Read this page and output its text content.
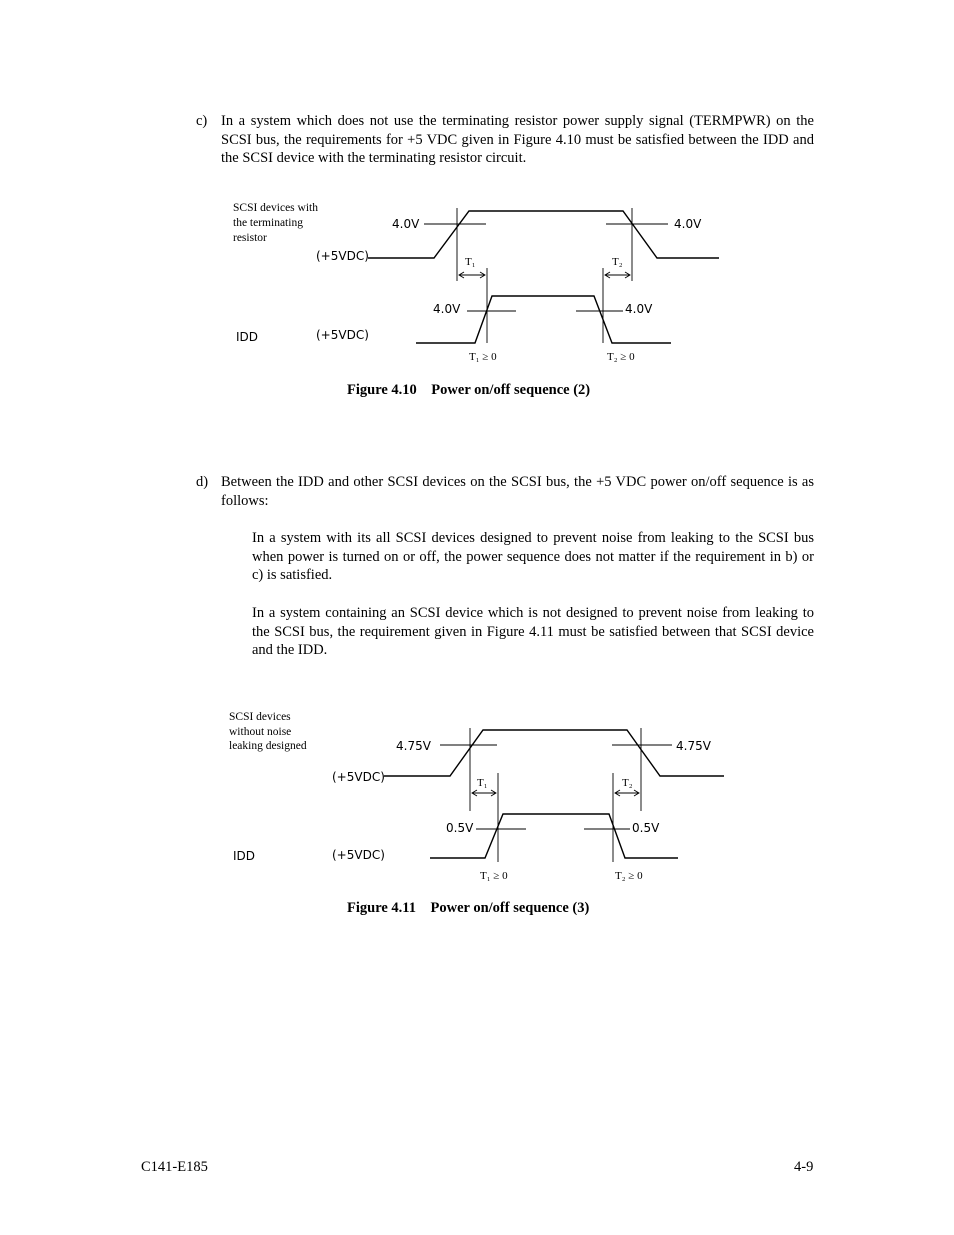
c) In a system which does not use the terminating resistor power supply signal (TERMPWR) on the SCSI bus, the requirements for +5 VDC given in Figure 4.10 must be satisfied between the IDD and the SCSI device with the terminating resistor circuit.
SCSI devices with
the terminating
resistor
(+5VDC)
IDD	(+5VDC)
4.0V	4.0V
4.0V	4.0V
T₁	T₂
T₁ ≥ 0	T₂ ≥ 0
Figure 4.10    Power on/off sequence (2)
d) Between the IDD and other SCSI devices on the SCSI bus, the +5 VDC power on/off sequence is as follows:
In a system with its all SCSI devices designed to prevent noise from leaking to the SCSI bus when power is turned on or off, the power sequence does not matter if the requirement in b) or c) is satisfied.
In a system containing an SCSI device which is not designed to prevent noise from leaking to the SCSI bus, the requirement given in Figure 4.11 must be satisfied between that SCSI device and the IDD.
SCSI devices
without noise
leaking designed
(+5VDC)
IDD	(+5VDC)
4.75V	4.75V
0.5V	0.5V
T₁	T₂
T₁ ≥ 0	T₂ ≥ 0
Figure 4.11    Power on/off sequence (3)
C141-E185	4-9
